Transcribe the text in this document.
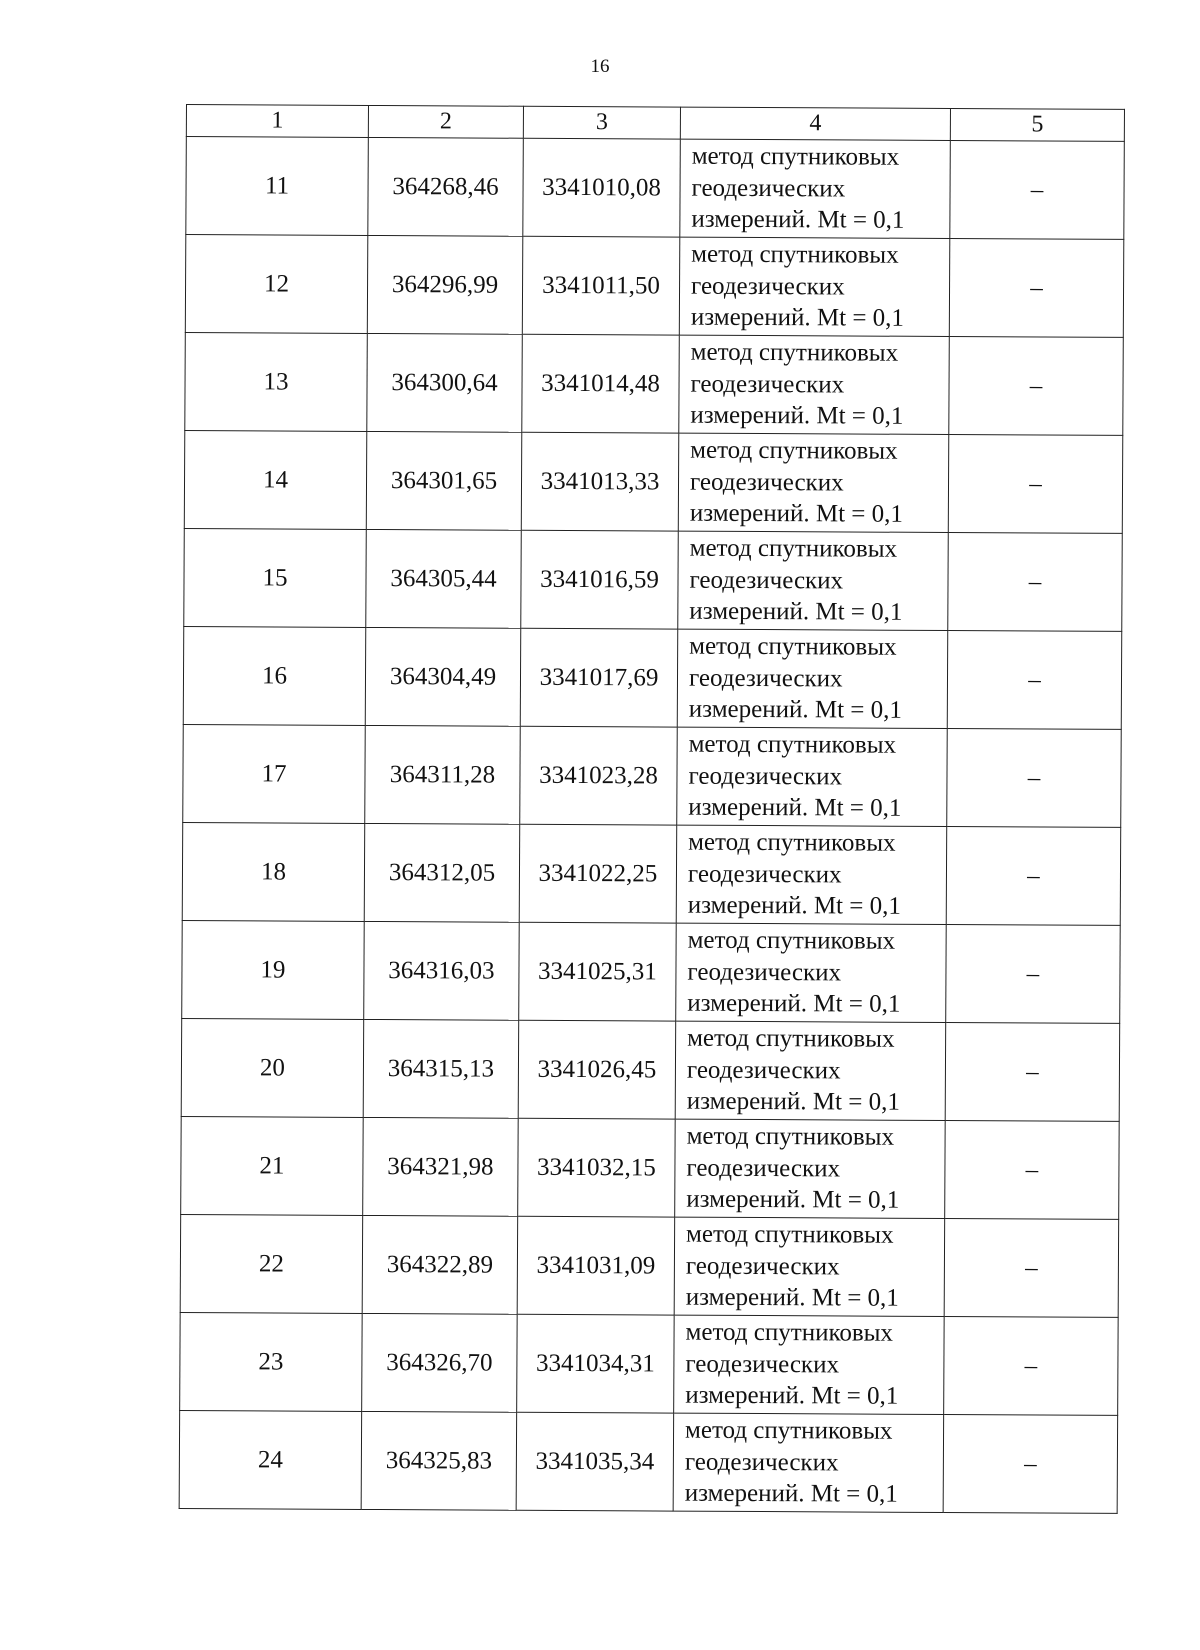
16
1	2	3	4	5
11	364268,46	3341010,08	метод спутниковых
геодезических
измерений. Mt = 0,1	–
12	364296,99	3341011,50	метод спутниковых
геодезических
измерений. Mt = 0,1	–
13	364300,64	3341014,48	метод спутниковых
геодезических
измерений. Mt = 0,1	–
14	364301,65	3341013,33	метод спутниковых
геодезических
измерений. Mt = 0,1	–
15	364305,44	3341016,59	метод спутниковых
геодезических
измерений. Mt = 0,1	–
16	364304,49	3341017,69	метод спутниковых
геодезических
измерений. Mt = 0,1	–
17	364311,28	3341023,28	метод спутниковых
геодезических
измерений. Mt = 0,1	–
18	364312,05	3341022,25	метод спутниковых
геодезических
измерений. Mt = 0,1	–
19	364316,03	3341025,31	метод спутниковых
геодезических
измерений. Mt = 0,1	–
20	364315,13	3341026,45	метод спутниковых
геодезических
измерений. Mt = 0,1	–
21	364321,98	3341032,15	метод спутниковых
геодезических
измерений. Mt = 0,1	–
22	364322,89	3341031,09	метод спутниковых
геодезических
измерений. Mt = 0,1	–
23	364326,70	3341034,31	метод спутниковых
геодезических
измерений. Mt = 0,1	–
24	364325,83	3341035,34	метод спутниковых
геодезических
измерений. Mt = 0,1	–
